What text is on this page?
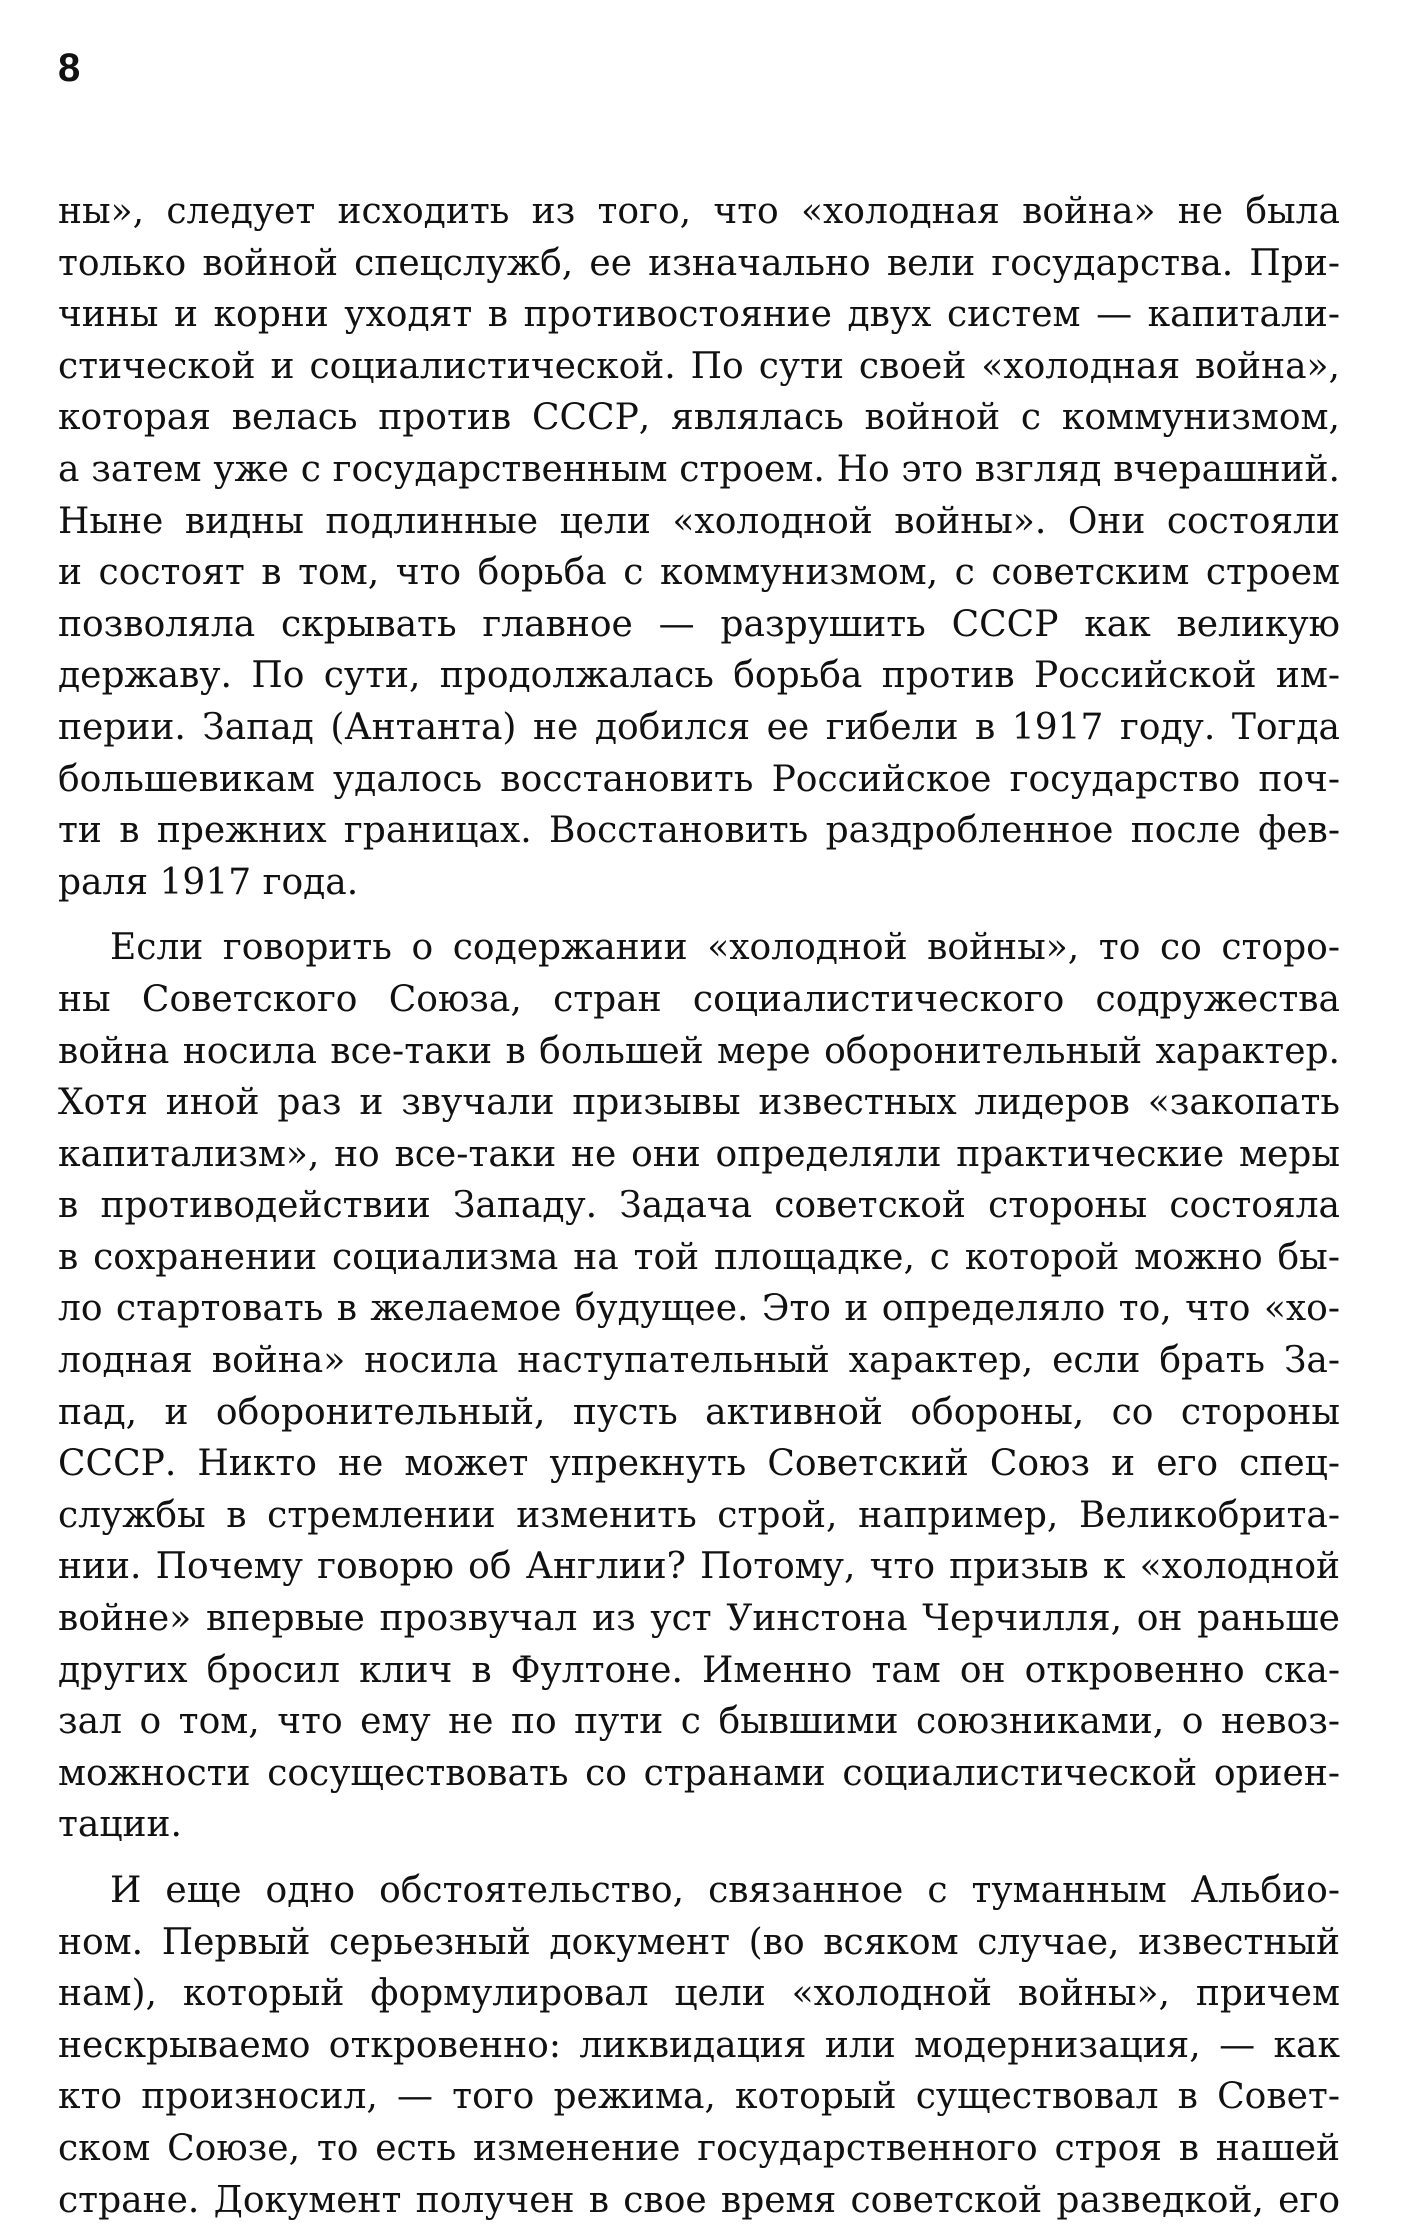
8
ны», следует исходить из того, что «холодная война» не была
только войной спецслужб, ее изначально вели государства. При-
чины и корни уходят в противостояние двух систем — капитали-
стической и социалистической. По сути своей «холодная война»,
которая велась против СССР, являлась войной с коммунизмом,
а затем уже с государственным строем. Но это взгляд вчерашний.
Ныне видны подлинные цели «холодной войны». Они состояли
и состоят в том, что борьба с коммунизмом, с советским строем
позволяла скрывать главное — разрушить СССР как великую
державу. По сути, продолжалась борьба против Российской им-
перии. Запад (Антанта) не добился ее гибели в 1917 году. Тогда
большевикам удалось восстановить Российское государство поч-
ти в прежних границах. Восстановить раздробленное после фев-
раля 1917 года.
Если говорить о содержании «холодной войны», то со сторо-
ны Советского Союза, стран социалистического содружества
война носила все-таки в большей мере оборонительный характер.
Хотя иной раз и звучали призывы известных лидеров «закопать
капитализм», но все-таки не они определяли практические меры
в противодействии Западу. Задача советской стороны состояла
в сохранении социализма на той площадке, с которой можно бы-
ло стартовать в желаемое будущее. Это и определяло то, что «хо-
лодная война» носила наступательный характер, если брать За-
пад, и оборонительный, пусть активной обороны, со стороны
СССР. Никто не может упрекнуть Советский Союз и его спец-
службы в стремлении изменить строй, например, Великобрита-
нии. Почему говорю об Англии? Потому, что призыв к «холодной
войне» впервые прозвучал из уст Уинстона Черчилля, он раньше
других бросил клич в Фултоне. Именно там он откровенно ска-
зал о том, что ему не по пути с бывшими союзниками, о невоз-
можности сосуществовать со странами социалистической ориен-
тации.
И еще одно обстоятельство, связанное с туманным Альбио-
ном. Первый серьезный документ (во всяком случае, известный
нам), который формулировал цели «холодной войны», причем
нескрываемо откровенно: ликвидация или модернизация, — как
кто произносил, — того режима, который существовал в Совет-
ском Союзе, то есть изменение государственного строя в нашей
стране. Документ получен в свое время советской разведкой, его
